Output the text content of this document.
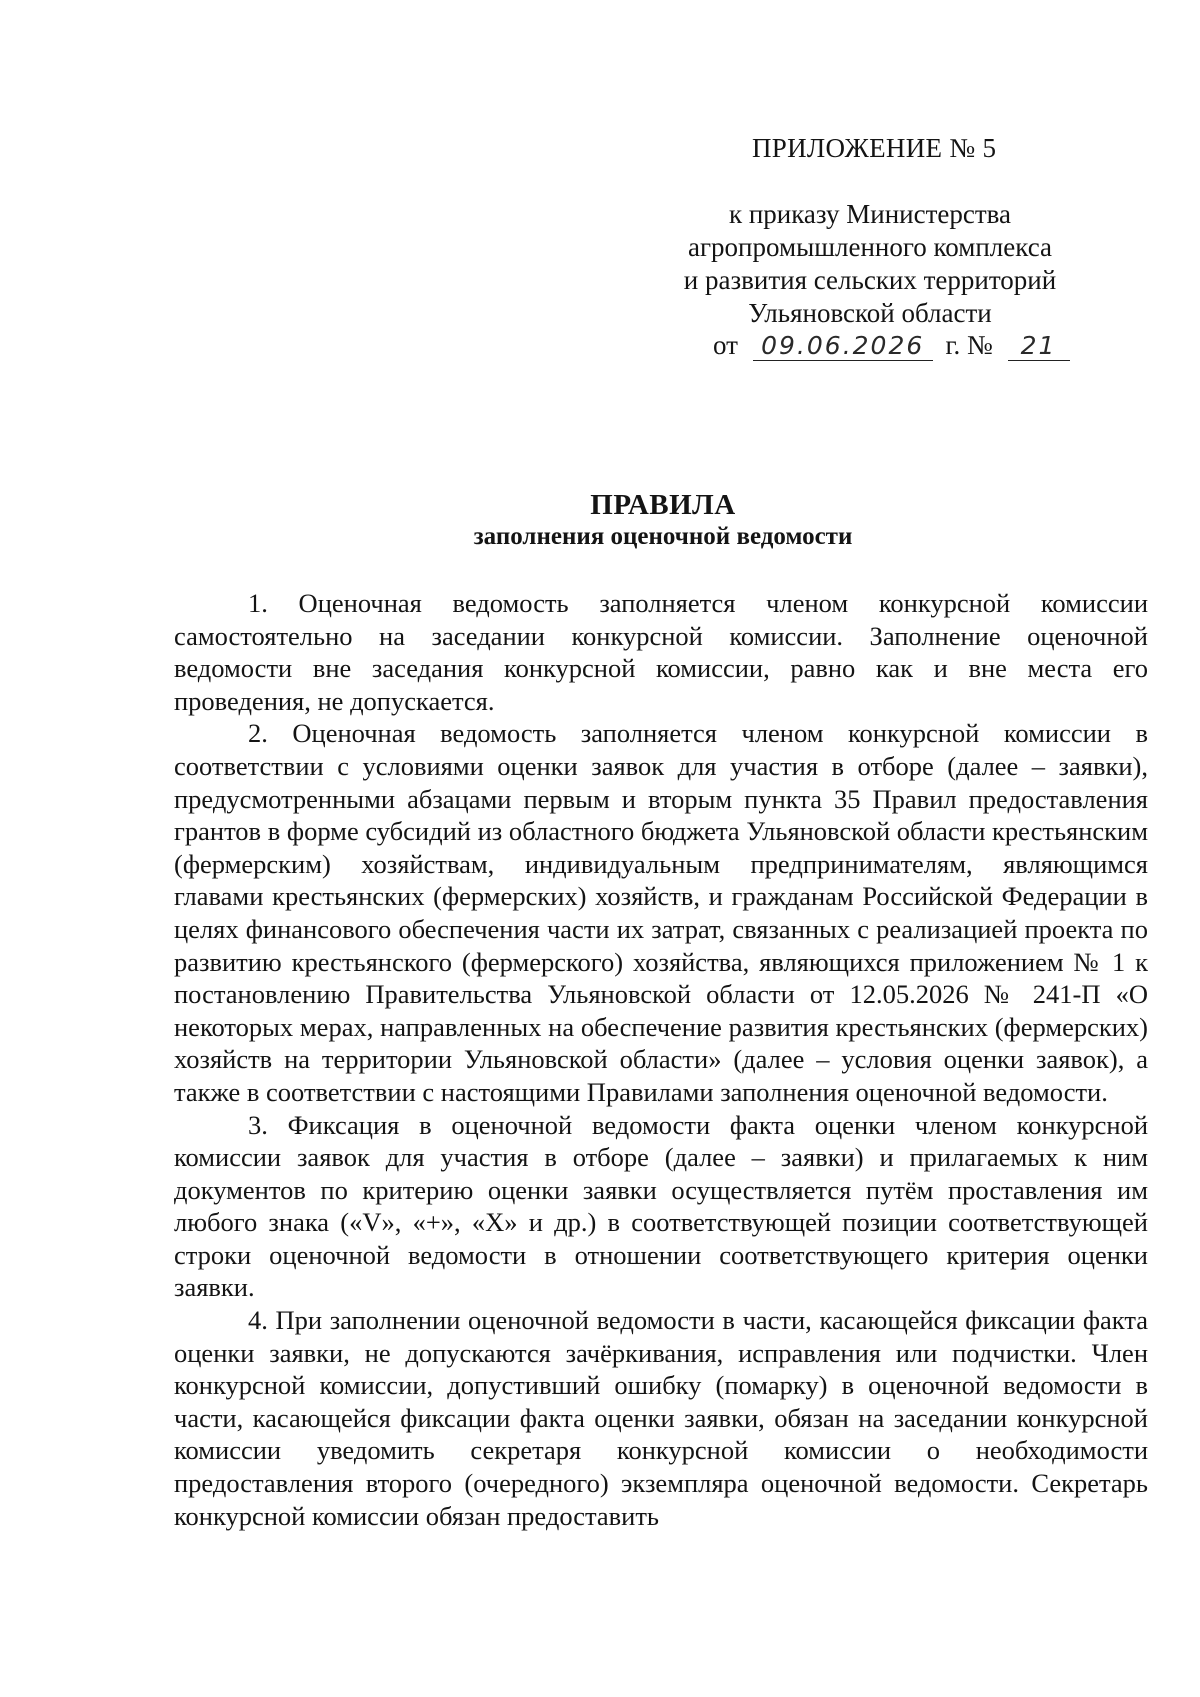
ПРИЛОЖЕНИЕ № 5
к приказу Министерства
агропромышленного комплекса
и развития сельских территорий
Ульяновской области
от 09.06.2026 г. № 21
ПРАВИЛА
заполнения оценочной ведомости

1. Оценочная ведомость заполняется членом конкурсной комиссии самостоятельно на заседании конкурсной комиссии. Заполнение оценочной ведомости вне заседания конкурсной комиссии, равно как и вне места его проведения, не допускается.

2. Оценочная ведомость заполняется членом конкурсной комиссии в соответствии с условиями оценки заявок для участия в отборе (далее – заявки), предусмотренными абзацами первым и вторым пункта 35 Правил предоставления грантов в форме субсидий из областного бюджета Ульяновской области крестьянским (фермерским) хозяйствам, индивидуальным предпринимателям, являющимся главами крестьянских (фермерских) хозяйств, и гражданам Российской Федерации в целях финансового обеспечения части их затрат, связанных с реализацией проекта по развитию крестьянского (фермерского) хозяйства, являющихся приложением № 1 к постановлению Правительства Ульяновской области от 12.05.2026 № 241-П «О некоторых мерах, направленных на обеспечение развития крестьянских (фермерских) хозяйств на территории Ульяновской области» (далее – условия оценки заявок), а также в соответствии с настоящими Правилами заполнения оценочной ведомости.

3. Фиксация в оценочной ведомости факта оценки членом конкурсной комиссии заявок для участия в отборе (далее – заявки) и прилагаемых к ним документов по критерию оценки заявки осуществляется путём проставления им любого знака («V», «+», «X» и др.) в соответствующей позиции соответствующей строки оценочной ведомости в отношении соответствующего критерия оценки заявки.

4. При заполнении оценочной ведомости в части, касающейся фиксации факта оценки заявки, не допускаются зачёркивания, исправления или подчистки. Член конкурсной комиссии, допустивший ошибку (помарку) в оценочной ведомости в части, касающейся фиксации факта оценки заявки, обязан на заседании конкурсной комиссии уведомить секретаря конкурсной комиссии о необходимости предоставления второго (очередного) экземпляра оценочной ведомости. Секретарь конкурсной комиссии обязан предоставить
